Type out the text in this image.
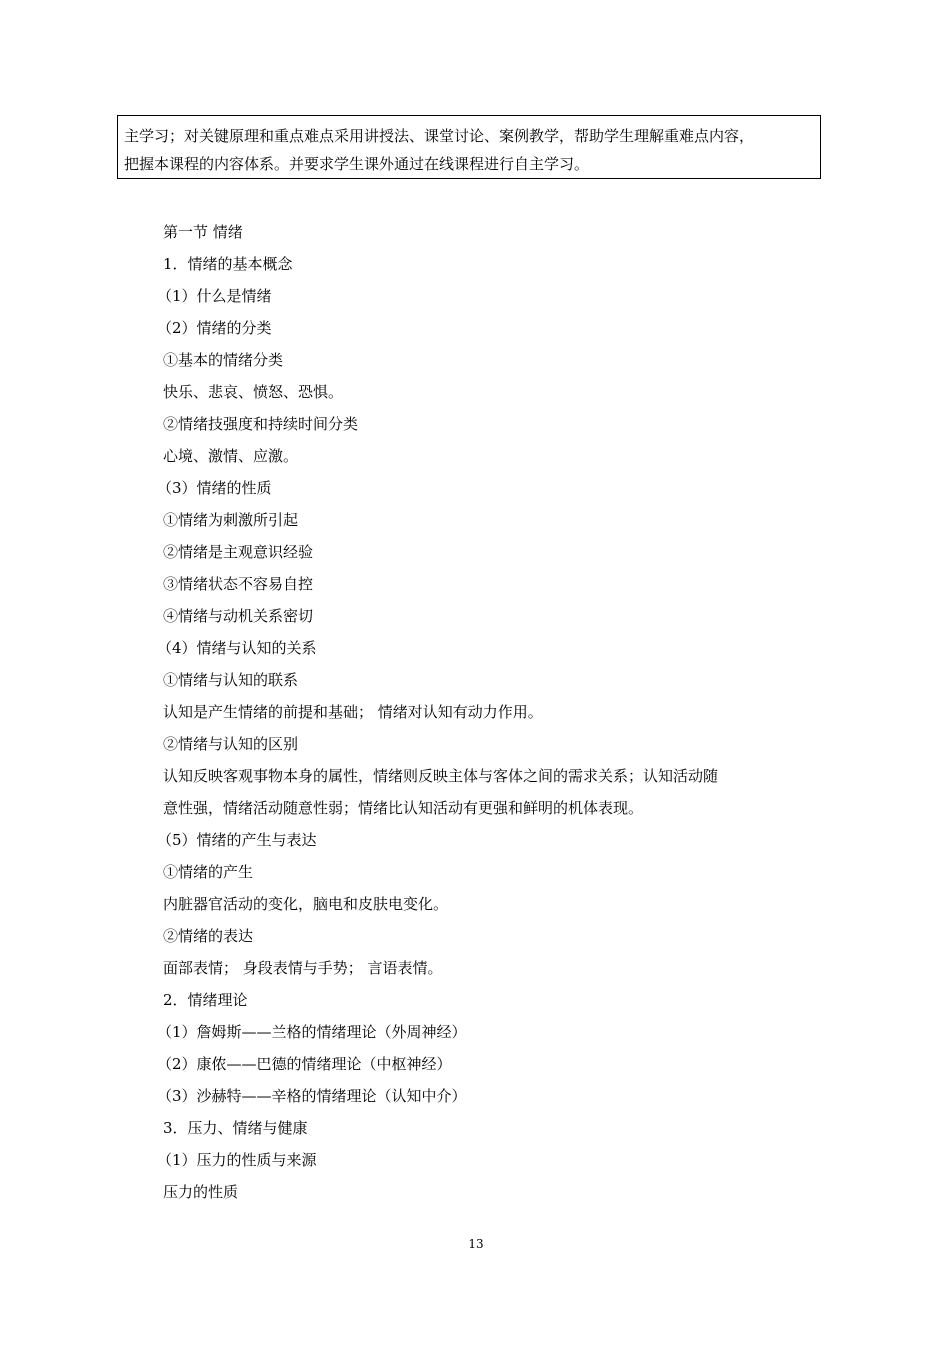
主学习；对关键原理和重点难点采用讲授法、课堂讨论、案例教学，帮助学生理解重难点内容，
把握本课程的内容体系。并要求学生课外通过在线课程进行自主学习。
第一节 情绪
1．情绪的基本概念
（1）什么是情绪
（2）情绪的分类
①基本的情绪分类
快乐、悲哀、愤怒、恐惧。
②情绪技强度和持续时间分类
心境、激情、应激。
（3）情绪的性质
①情绪为刺激所引起
②情绪是主观意识经验
③情绪状态不容易自控
④情绪与动机关系密切
（4）情绪与认知的关系
①情绪与认知的联系
认知是产生情绪的前提和基础； 情绪对认知有动力作用。
②情绪与认知的区别
认知反映客观事物本身的属性，情绪则反映主体与客体之间的需求关系；认知活动随
意性强，情绪活动随意性弱；情绪比认知活动有更强和鲜明的机体表现。
（5）情绪的产生与表达
①情绪的产生
内脏器官活动的变化，脑电和皮肤电变化。
②情绪的表达
面部表情； 身段表情与手势； 言语表情。
2．情绪理论
（1）詹姆斯——兰格的情绪理论（外周神经）
（2）康侬——巴德的情绪理论（中枢神经）
（3）沙赫特——辛格的情绪理论（认知中介）
3．压力、情绪与健康
（1）压力的性质与来源
压力的性质
13
